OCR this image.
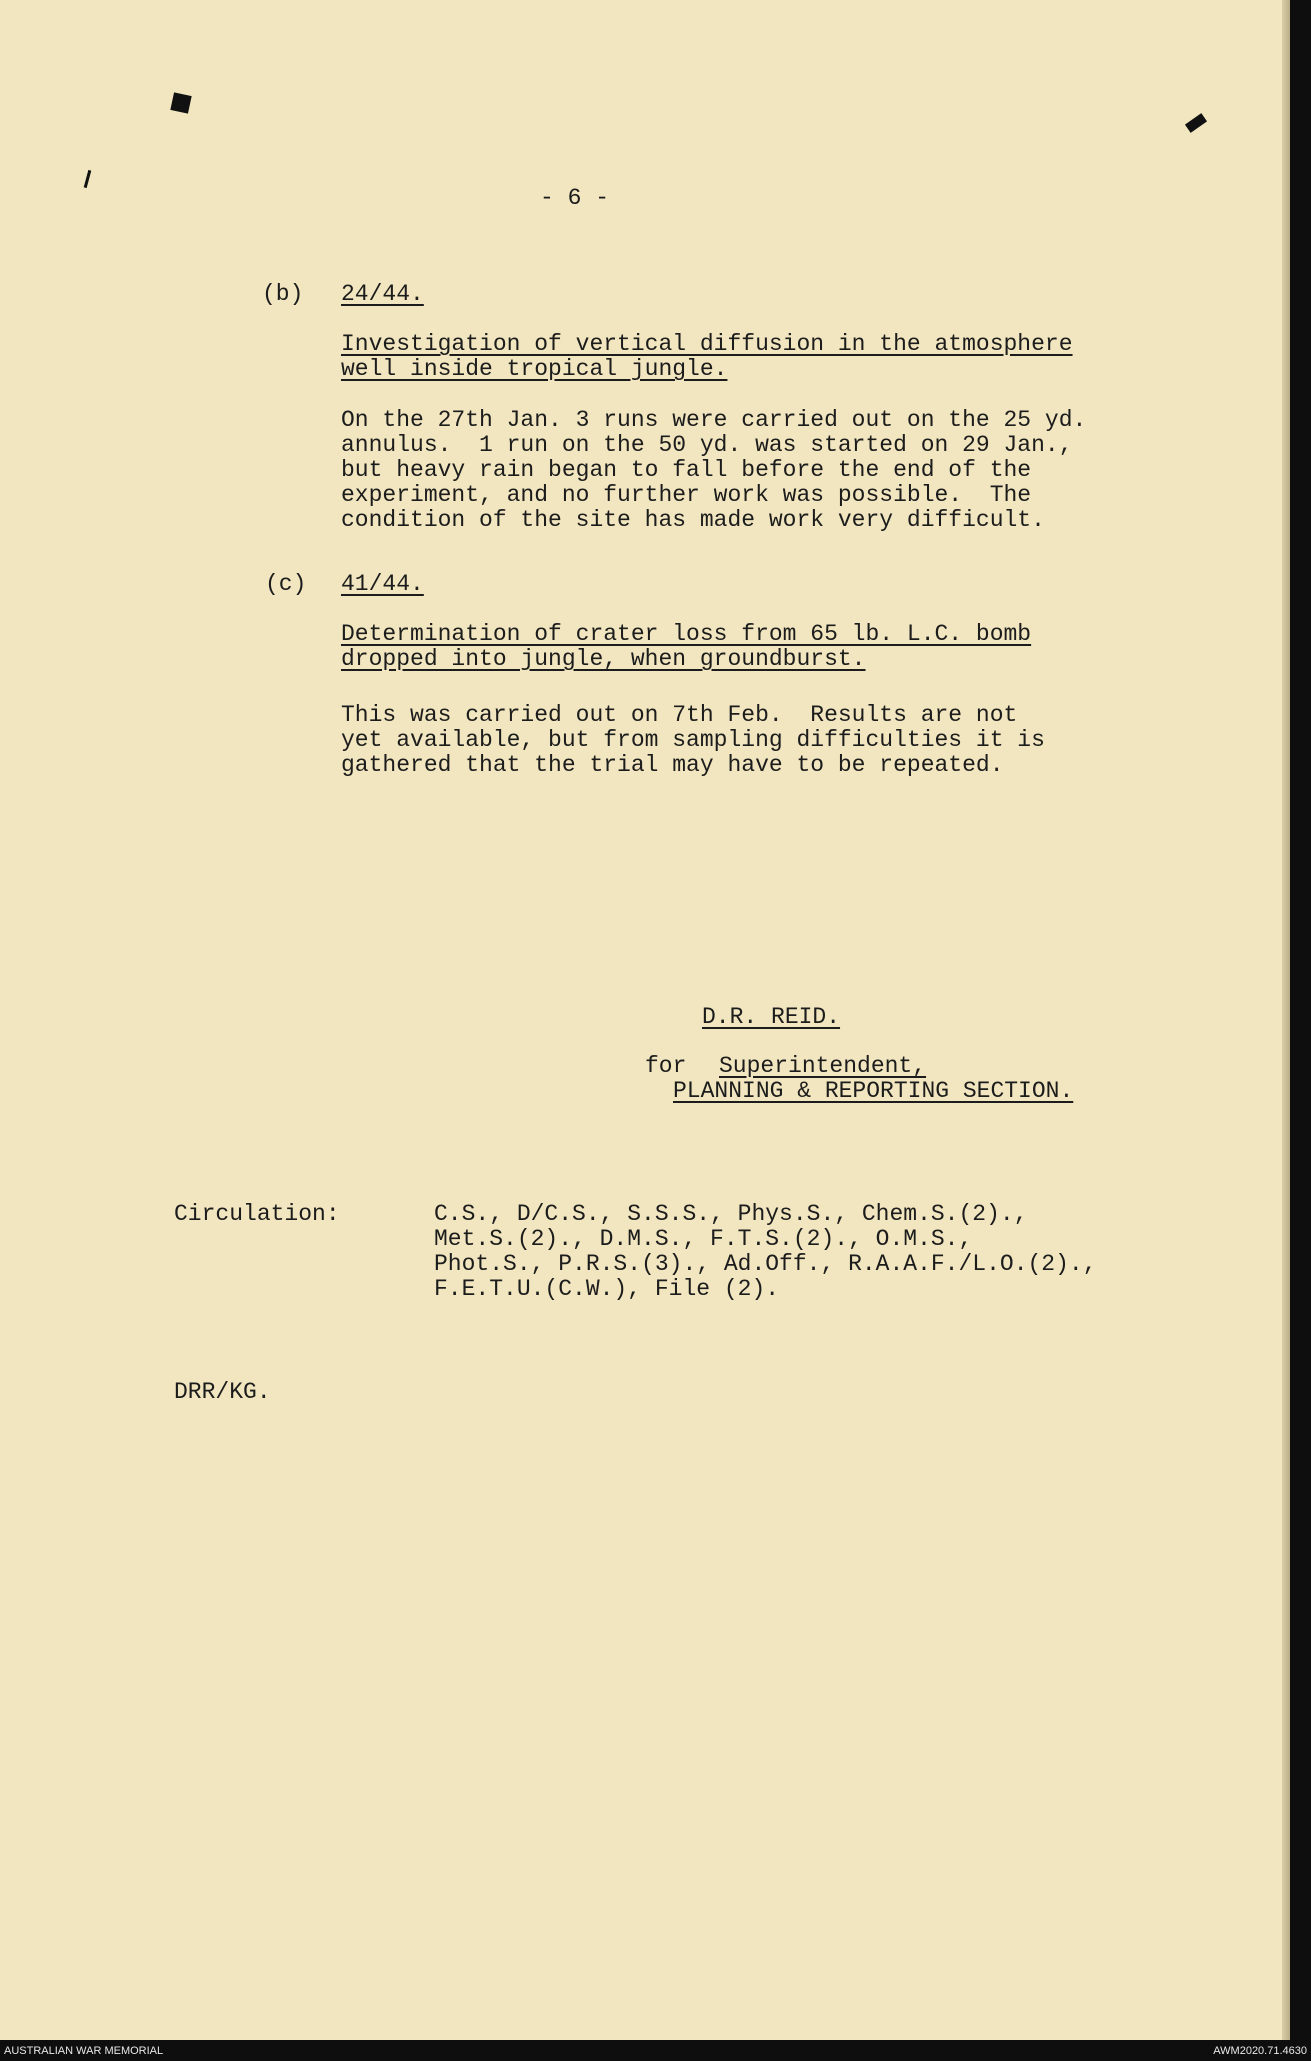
- 6 -
(b) 24/44.
Investigation of vertical diffusion in the atmosphere
well inside tropical jungle.
On the 27th Jan. 3 runs were carried out on the 25 yd.
annulus.  1 run on the 50 yd. was started on 29 Jan.,
but heavy rain began to fall before the end of the
experiment, and no further work was possible.  The
condition of the site has made work very difficult.
(c) 41/44.
Determination of crater loss from 65 lb. L.C. bomb
dropped into jungle, when groundburst.
This was carried out on 7th Feb.  Results are not
yet available, but from sampling difficulties it is
gathered that the trial may have to be repeated.
D.R. REID.
for Superintendent,
PLANNING & REPORTING SECTION.
Circulation:	C.S., D/C.S., S.S.S., Phys.S., Chem.S.(2).,
Met.S.(2)., D.M.S., F.T.S.(2)., O.M.S.,
Phot.S., P.R.S.(3)., Ad.Off., R.A.A.F./L.O.(2).,
F.E.T.U.(C.W.), File (2).
DRR/KG.
AUSTRALIAN WAR MEMORIAL	AWM2020.71.4630
